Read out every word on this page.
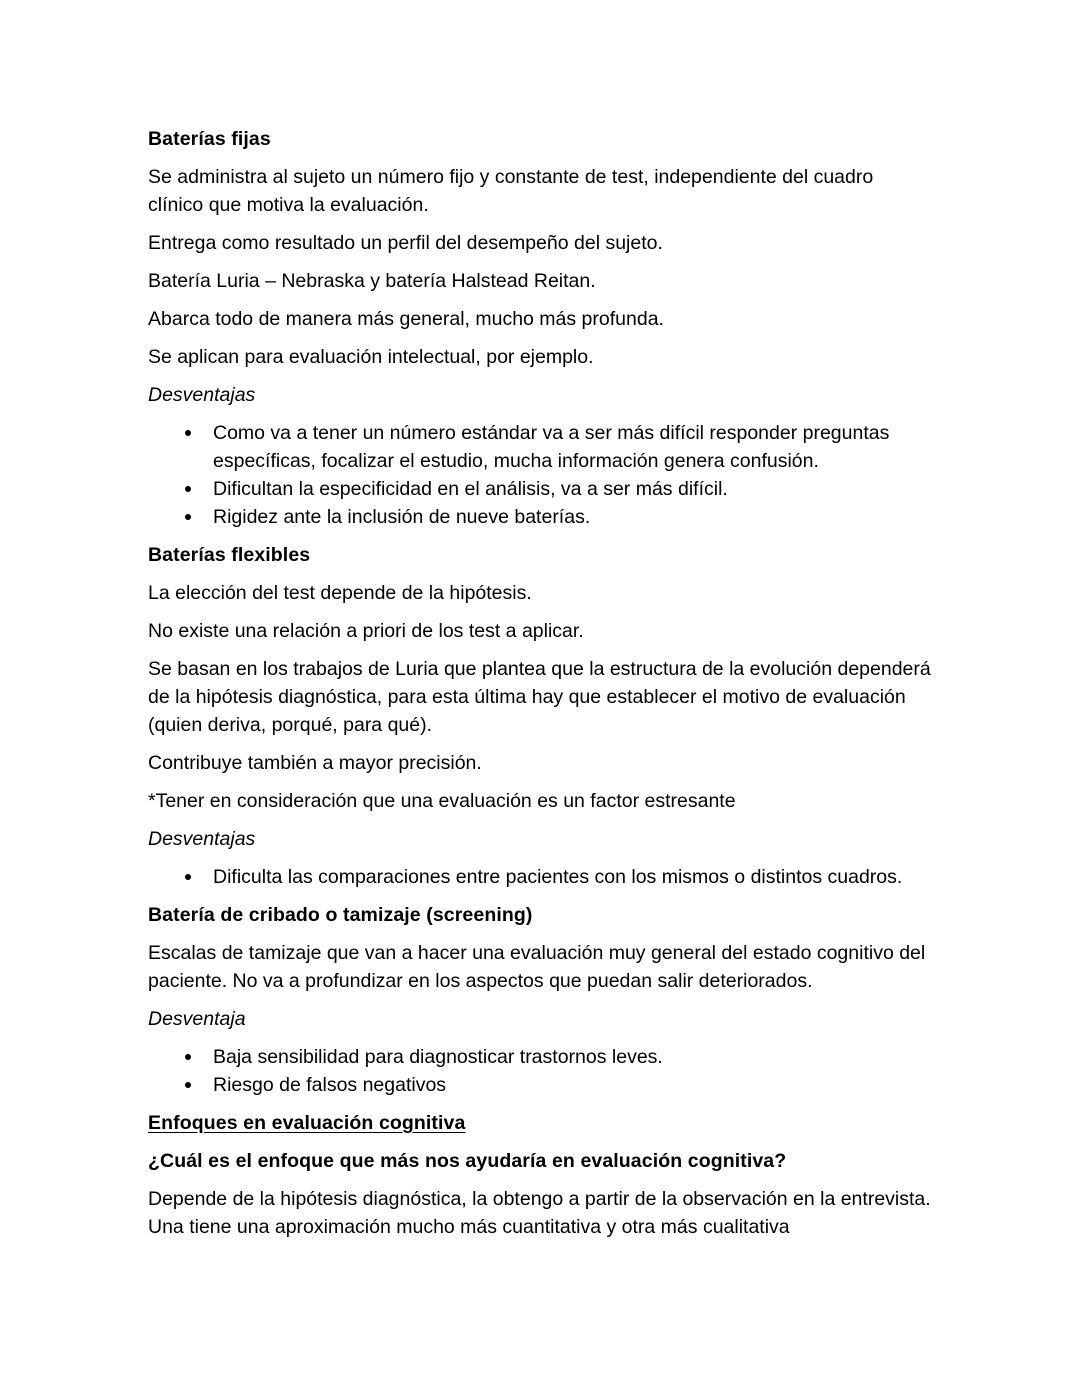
Baterías fijas

Se administra al sujeto un número fijo y constante de test, independiente del cuadro clínico que motiva la evaluación.

Entrega como resultado un perfil del desempeño del sujeto.

Batería Luria – Nebraska y batería Halstead Reitan.

Abarca todo de manera más general, mucho más profunda.

Se aplican para evaluación intelectual, por ejemplo.

Desventajas
Como va a tener un número estándar va a ser más difícil responder preguntas específicas, focalizar el estudio, mucha información genera confusión.
Dificultan la especificidad en el análisis, va a ser más difícil.
Rigidez ante la inclusión de nueve baterías.
Baterías flexibles

La elección del test depende de la hipótesis.

No existe una relación a priori de los test a aplicar.

Se basan en los trabajos de Luria que plantea que la estructura de la evolución dependerá de la hipótesis diagnóstica, para esta última hay que establecer el motivo de evaluación (quien deriva, porqué, para qué).

Contribuye también a mayor precisión.

*Tener en consideración que una evaluación es un factor estresante

Desventajas
Dificulta las comparaciones entre pacientes con los mismos o distintos cuadros.
Batería de cribado o tamizaje (screening)

Escalas de tamizaje que van a hacer una evaluación muy general del estado cognitivo del paciente. No va a profundizar en los aspectos que puedan salir deteriorados.

Desventaja
Baja sensibilidad para diagnosticar trastornos leves.
Riesgo de falsos negativos
Enfoques en evaluación cognitiva
¿Cuál es el enfoque que más nos ayudaría en evaluación cognitiva?

Depende de la hipótesis diagnóstica, la obtengo a partir de la observación en la entrevista. Una tiene una aproximación mucho más cuantitativa y otra más cualitativa
